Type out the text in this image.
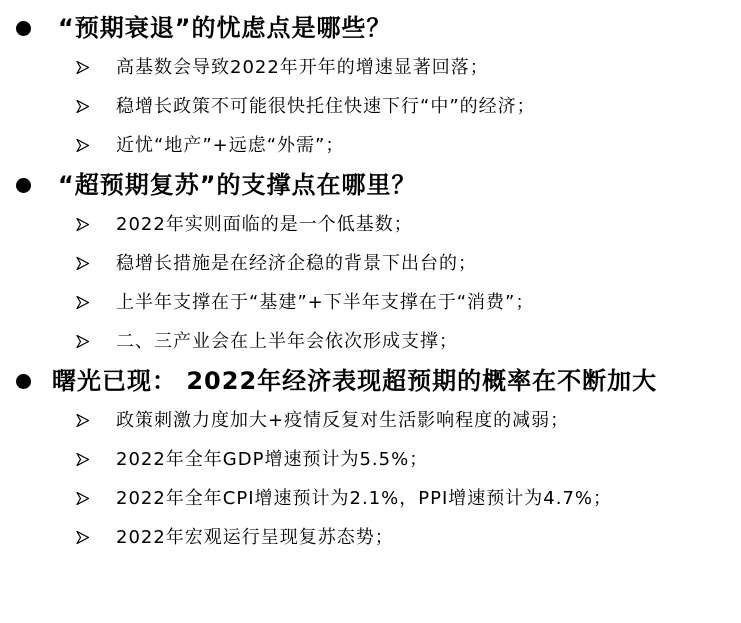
“预期衰退”的忧虑点是哪些？
高基数会导致2022年开年的增速显著回落；
稳增长政策不可能很快托住快速下行“中”的经济；
近忧“地产”+远虑“外需”；
“超预期复苏”的支撑点在哪里？
2022年实则面临的是一个低基数；
稳增长措施是在经济企稳的背景下出台的；
上半年支撑在于“基建”+下半年支撑在于“消费”；
二、三产业会在上半年会依次形成支撑；
曙光已现： 2022年经济表现超预期的概率在不断加大
政策刺激力度加大+疫情反复对生活影响程度的减弱；
2022年全年GDP增速预计为5.5%；
2022年全年CPI增速预计为2.1%，PPI增速预计为4.7%；
2022年宏观运行呈现复苏态势；
